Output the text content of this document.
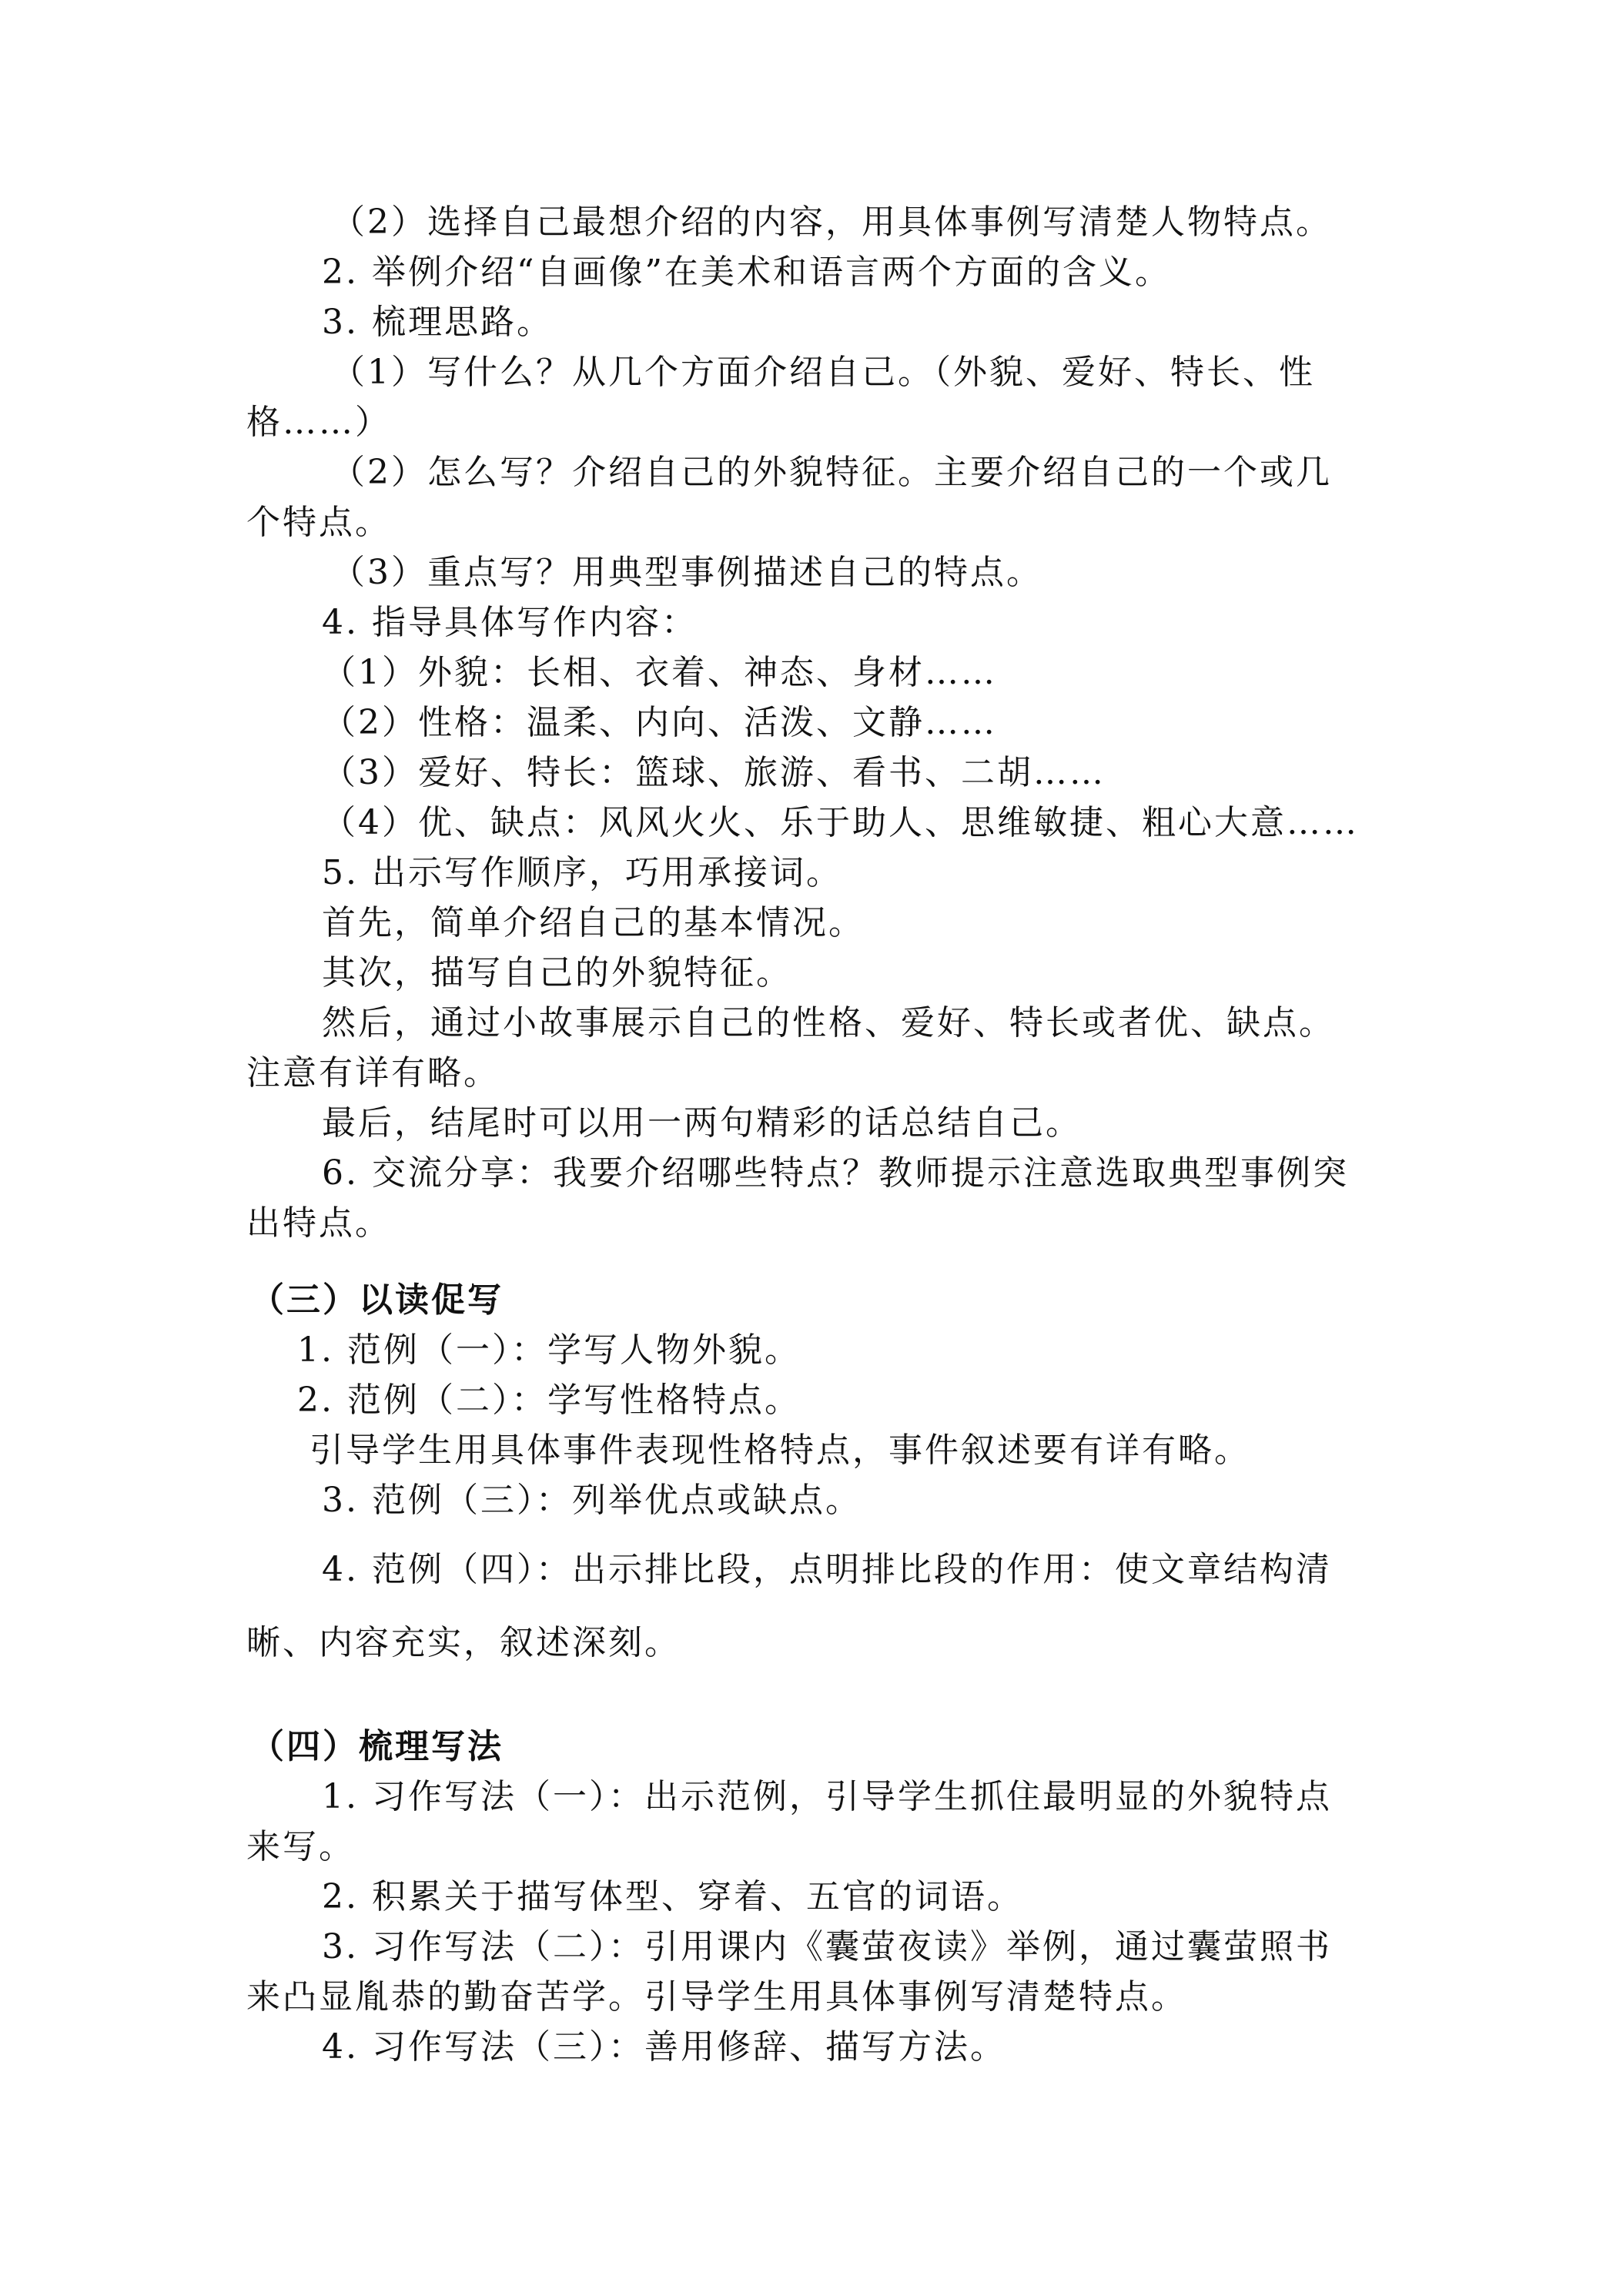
（2）选择自己最想介绍的内容，用具体事例写清楚人物特点。
2. 举例介绍“自画像”在美术和语言两个方面的含义。
3. 梳理思路。
（1）写什么？从几个方面介绍自己。（外貌、爱好、特长、性
格……）
（2）怎么写？介绍自己的外貌特征。主要介绍自己的一个或几
个特点。
（3）重点写？用典型事例描述自己的特点。
4. 指导具体写作内容：
（1）外貌：长相、衣着、神态、身材……
（2）性格：温柔、内向、活泼、文静……
（3）爱好、特长：篮球、旅游、看书、二胡……
（4）优、缺点：风风火火、乐于助人、思维敏捷、粗心大意……
5. 出示写作顺序，巧用承接词。
首先，简单介绍自己的基本情况。
其次，描写自己的外貌特征。
然后，通过小故事展示自己的性格、爱好、特长或者优、缺点。
注意有详有略。
最后，结尾时可以用一两句精彩的话总结自己。
6. 交流分享：我要介绍哪些特点？教师提示注意选取典型事例突
出特点。
（三）以读促写
1. 范例（一）：学写人物外貌。
2. 范例（二）：学写性格特点。
引导学生用具体事件表现性格特点，事件叙述要有详有略。
3. 范例（三）：列举优点或缺点。
4. 范例（四）：出示排比段，点明排比段的作用：使文章结构清
晰、内容充实，叙述深刻。
（四）梳理写法
1. 习作写法（一）：出示范例，引导学生抓住最明显的外貌特点
来写。
2. 积累关于描写体型、穿着、五官的词语。
3. 习作写法（二）：引用课内《囊萤夜读》举例，通过囊萤照书
来凸显胤恭的勤奋苦学。引导学生用具体事例写清楚特点。
4. 习作写法（三）：善用修辞、描写方法。
